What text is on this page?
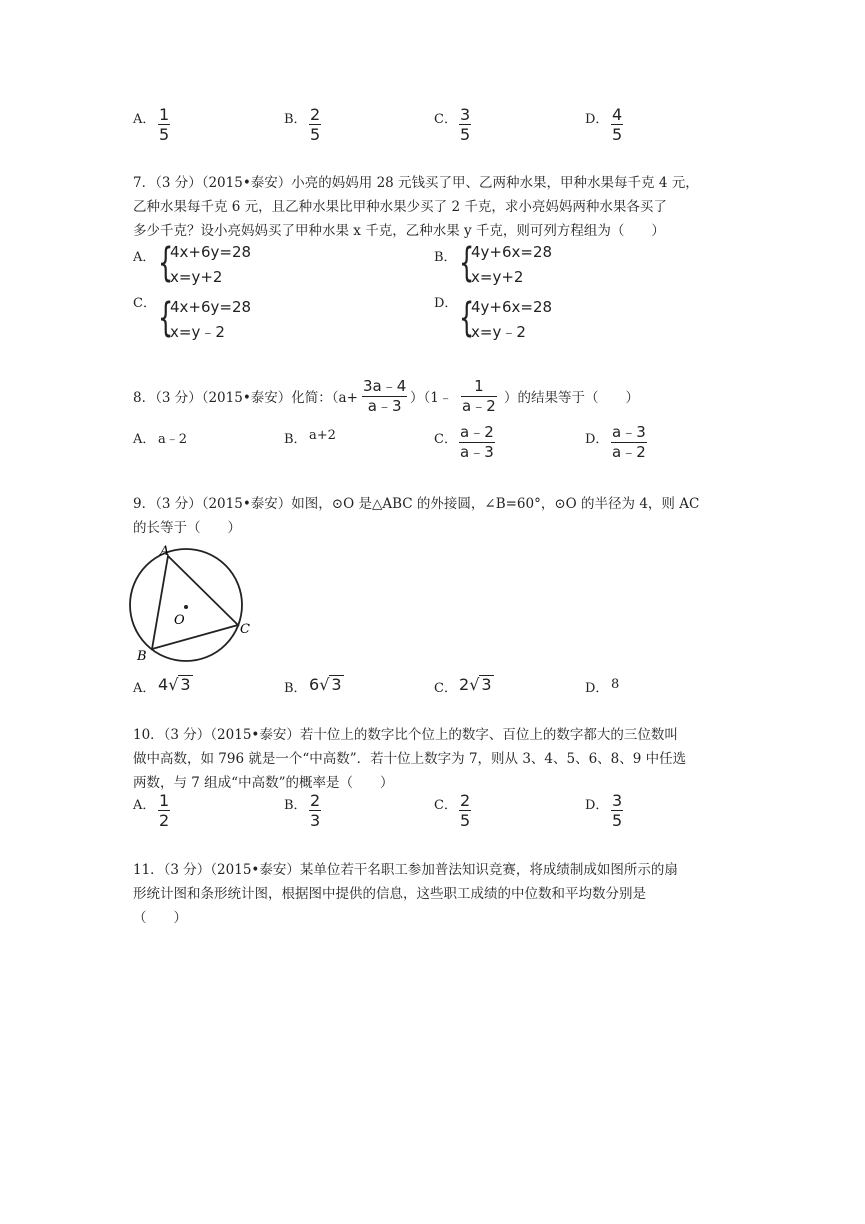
A． 1
5
B． 2
5
C． 3
5
D． 4
5
7．（3 分）（2015•泰安）小亮的妈妈用 28 元钱买了甲、乙两种水果，甲种水果每千克 4 元，
乙种水果每千克 6 元，且乙种水果比甲种水果少买了 2 千克，求小亮妈妈两种水果各买了
多少千克？设小亮妈妈买了甲种水果 x 千克，乙种水果 y 千克，则可列方程组为（　　）
A． {
4x+6y=28
x=y+2
B． {
4y+6x=28
x=y+2
C． {
4x+6y=28
x=y﹣2
D． {
4y+6x=28
x=y﹣2
8．（3 分）（2015•泰安）化简：（a+
3a﹣4
a﹣3 ）（1﹣
1
a﹣2 ）的结果等于（　　）
A． a﹣2	B． a+2	C． a﹣2
a﹣3
D． a﹣3
a﹣2
9．（3 分）（2015•泰安）如图，⊙O 是△ABC 的外接圆，∠B=60°，⊙O 的半径为 4，则 AC
的长等于（　　）
A
B
C
O
A． 4√ 3	B． 6√ 3	C． 2√ 3	D． 8
10．（3 分）（2015•泰安）若十位上的数字比个位上的数字、百位上的数字都大的三位数叫
做中高数，如 796 就是一个“中高数”．若十位上数字为 7，则从 3、4、5、6、8、9 中任选
两数，与 7 组成“中高数”的概率是（　　）
A． 1
2
B． 2
3
C． 2
5
D． 3
5
11．（3 分）（2015•泰安）某单位若干名职工参加普法知识竞赛，将成绩制成如图所示的扇
形统计图和条形统计图，根据图中提供的信息，这些职工成绩的中位数和平均数分别是
（　　）
